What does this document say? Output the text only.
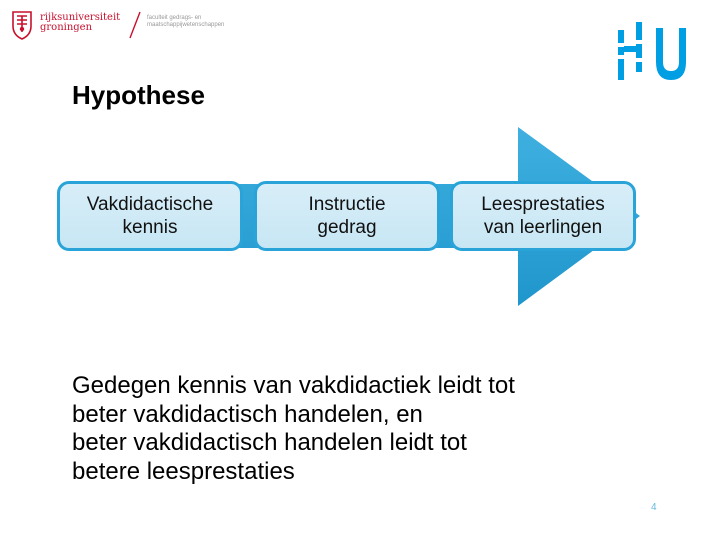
rijksuniversiteit
groningen
faculteit gedrags- en
maatschappijwetenschappen
Hypothese
Vakdidactische
kennis
Instructie
gedrag
Leesprestaties
van leerlingen
Gedegen kennis van vakdidactiek leidt tot
beter vakdidactisch handelen, en
beter vakdidactisch handelen leidt tot
betere leesprestaties
4
